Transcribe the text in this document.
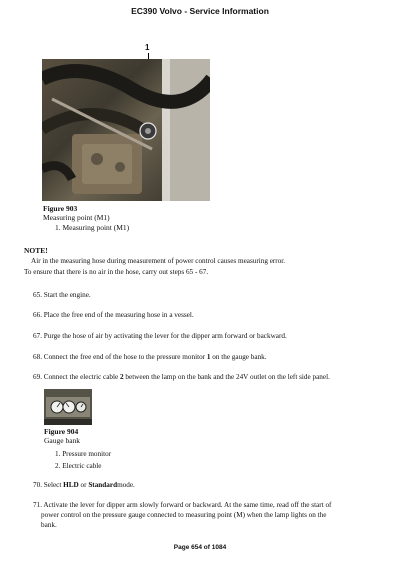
EC390 Volvo - Service Information
1
Figure 903
Measuring point (M1)
1. Measuring point (M1)
NOTE!
Air in the measuring hose during measurement of power control causes measuring error.
To ensure that there is no air in the hose, carry out steps 65 - 67.
65. Start the engine.
66. Place the free end of the measuring hose in a vessel.
67. Purge the hose of air by activating the lever for the dipper arm forward or backward.
68. Connect the free end of the hose to the pressure monitor 1 on the gauge bank.
69. Connect the electric cable 2 between the lamp on the bank and the 24V outlet on the left side panel.
Figure 904
Gauge bank
1. Pressure monitor
2. Electric cable
70. Select HLD or Standardmode.
71. Activate the lever for dipper arm slowly forward or backward. At the same time, read off the start of
power control on the pressure gauge connected to measuring point (M) when the lamp lights on the
bank.
Page 654 of 1084
